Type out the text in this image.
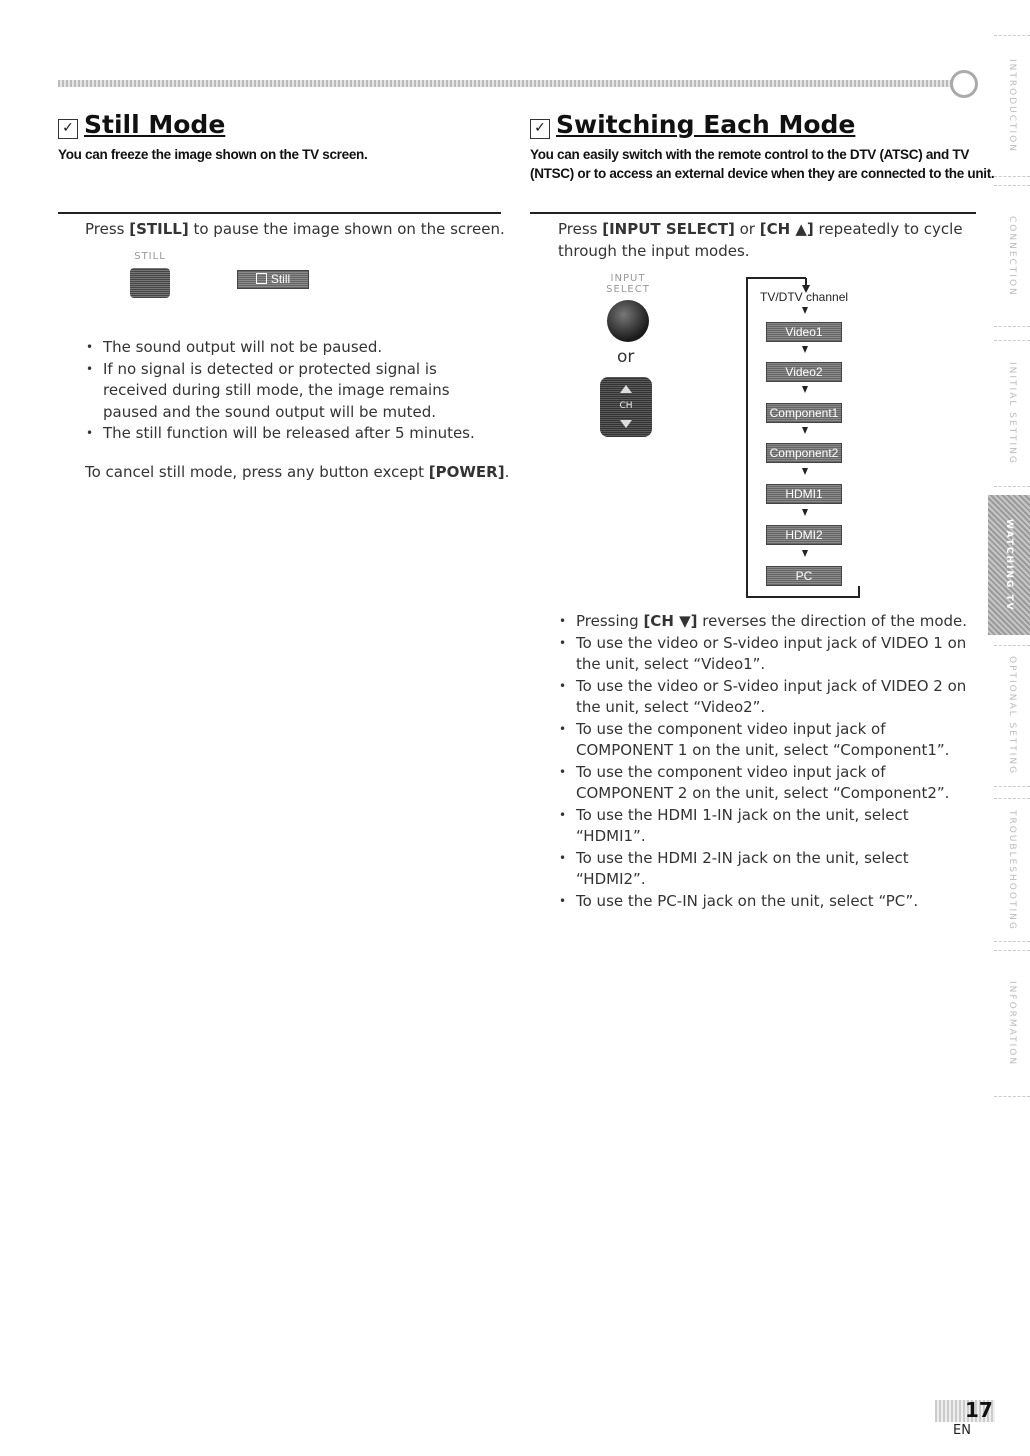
✓ Still Mode
You can freeze the image shown on the TV screen.
Press [STILL] to pause the image shown on the screen.
STILL
Still
• The sound output will not be paused.
• If no signal is detected or protected signal is received during still mode, the image remains paused and the sound output will be muted.
• The still function will be released after 5 minutes.
To cancel still mode, press any button except [POWER].
✓ Switching Each Mode
You can easily switch with the remote control to the DTV (ATSC) and TV
(NTSC) or to access an external device when they are connected to the unit.
Press [INPUT SELECT] or [CH ▲] repeatedly to cycle
through the input modes.
INPUT
SELECT
or
CH
TV/DTV channel
Video1
Video2
Component1
Component2
HDMI1
HDMI2
PC
• Pressing [CH ▼] reverses the direction of the mode.
• To use the video or S-video input jack of VIDEO 1 on the unit, select “Video1”.
• To use the video or S-video input jack of VIDEO 2 on the unit, select “Video2”.
• To use the component video input jack of COMPONENT 1 on the unit, select “Component1”.
• To use the component video input jack of COMPONENT 2 on the unit, select “Component2”.
• To use the HDMI 1-IN jack on the unit, select “HDMI1”.
• To use the HDMI 2-IN jack on the unit, select “HDMI2”.
• To use the PC-IN jack on the unit, select “PC”.
INTRODUCTION
CONNECTION
INITIAL SETTING
WATCHING TV
OPTIONAL SETTING
TROUBLESHOOTING
INFORMATION
17
EN
